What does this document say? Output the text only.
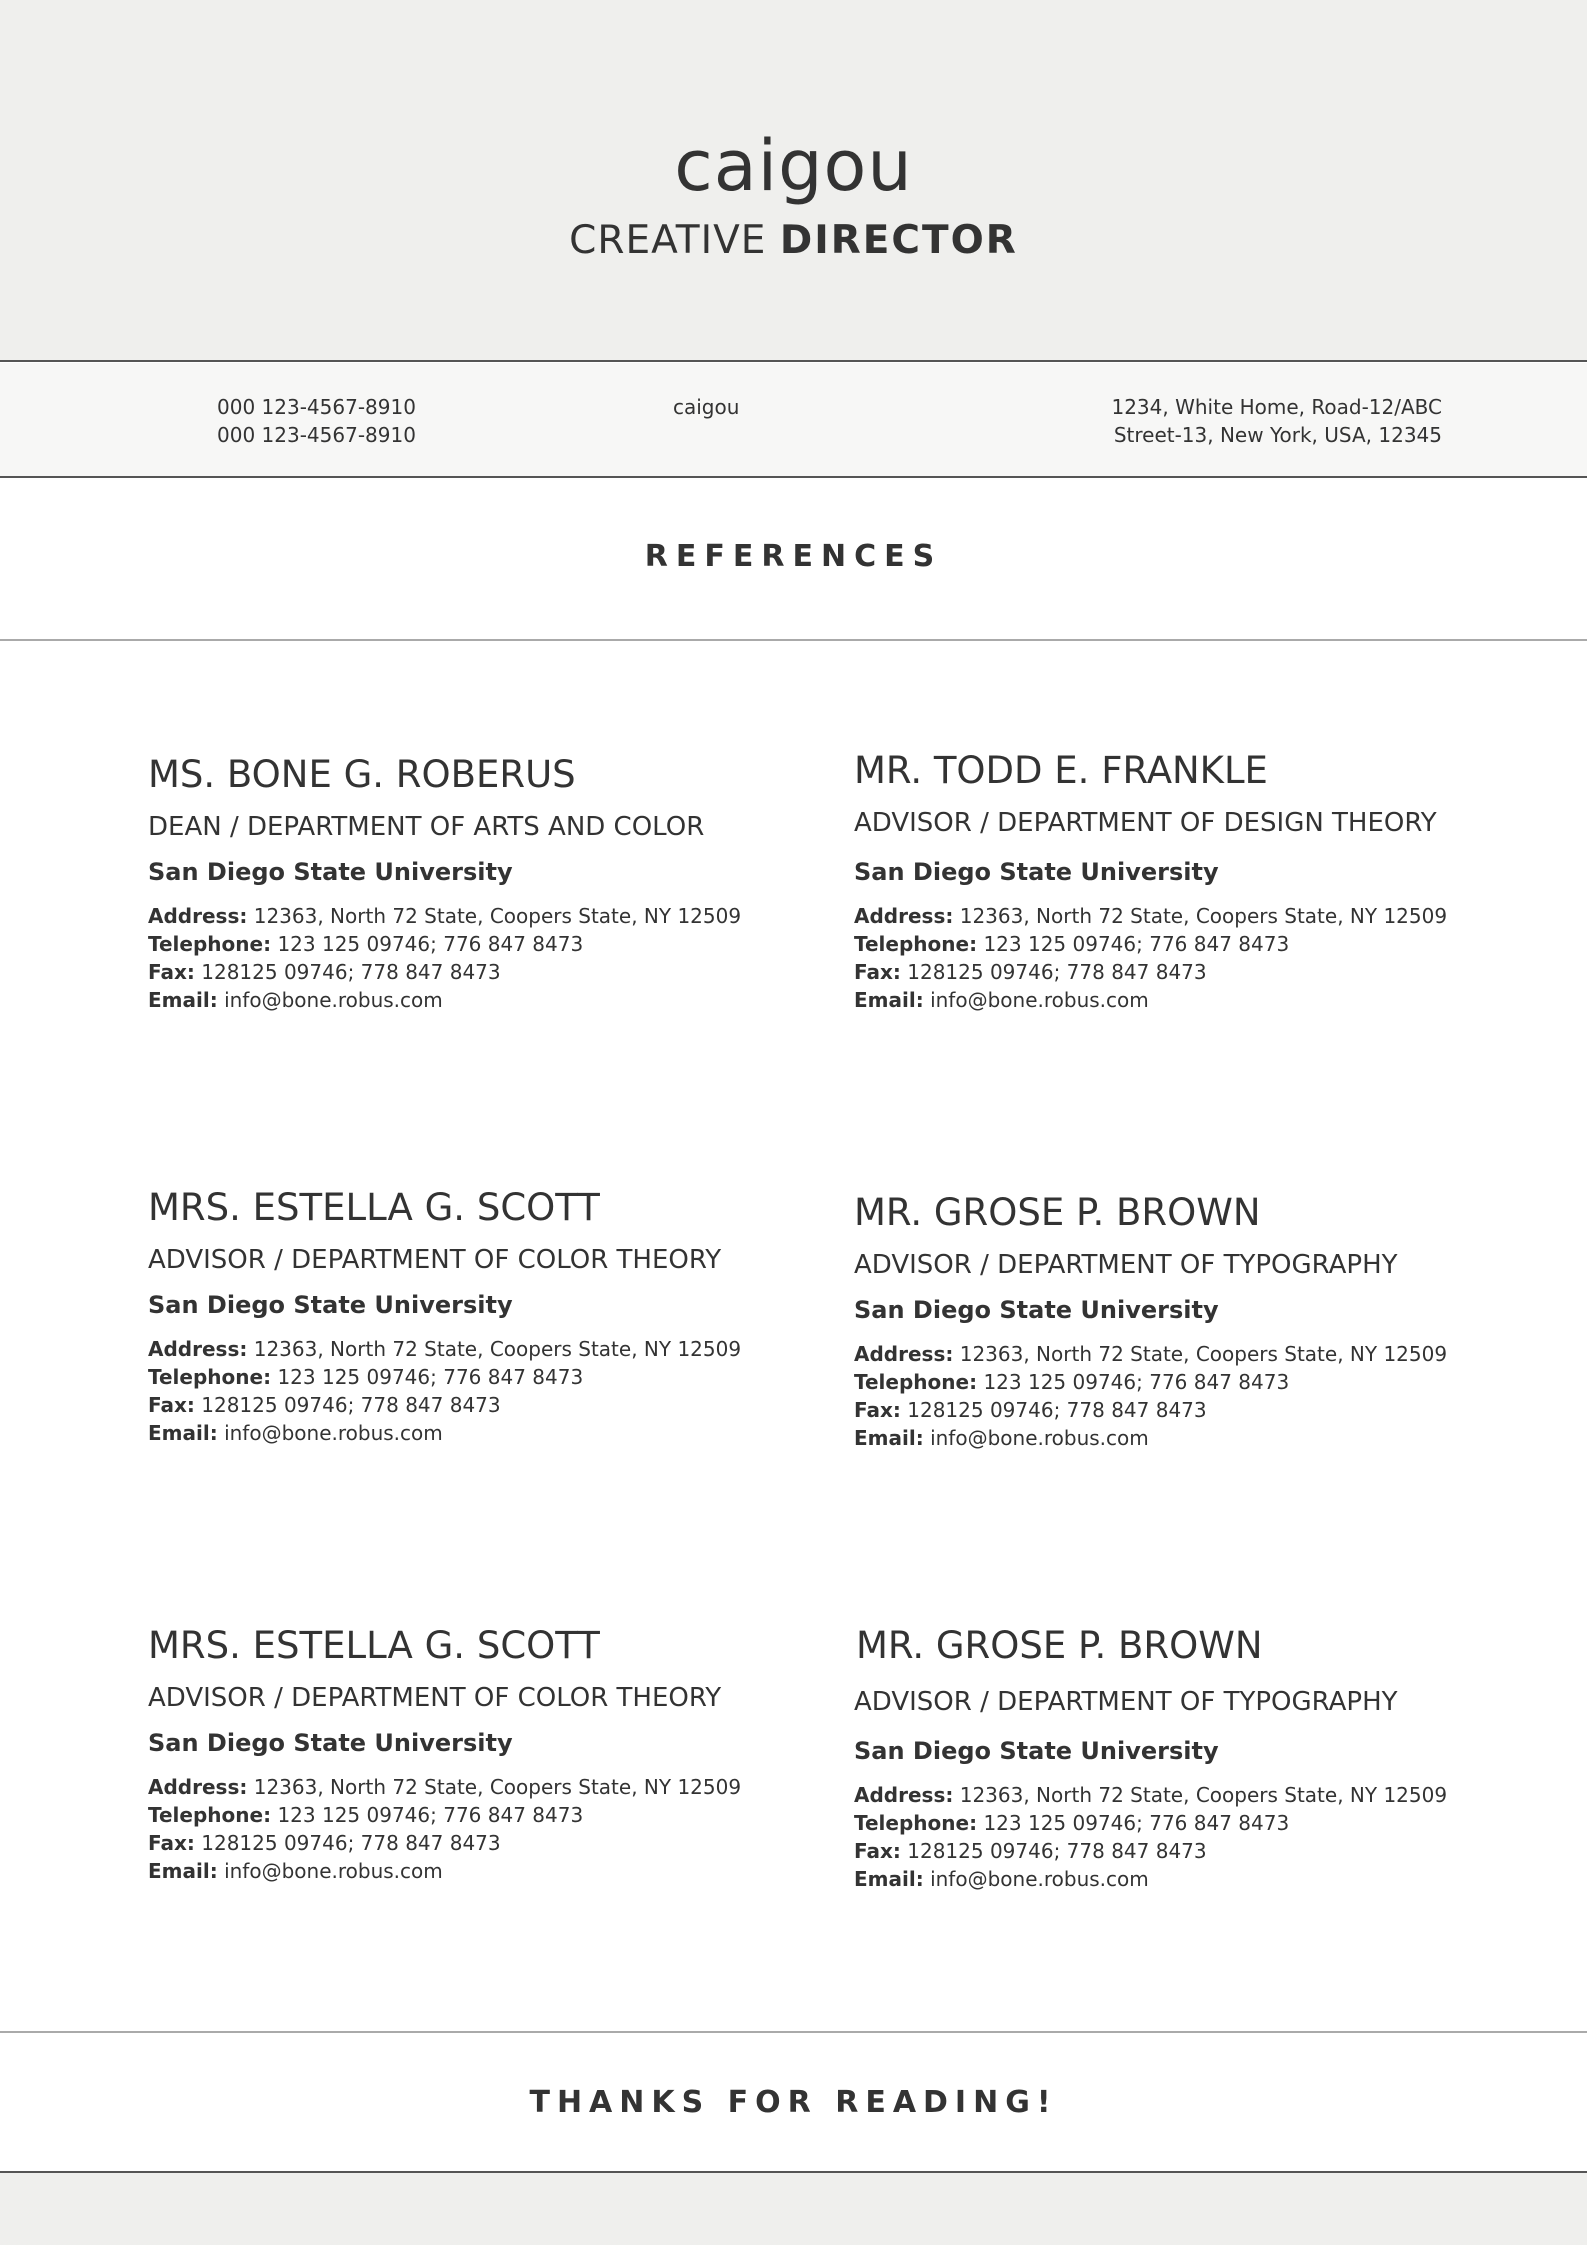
caigou
CREATIVE DIRECTOR
000 123-4567-8910
000 123-4567-8910
caigou	1234, White Home, Road-12/ABC
Street-13, New York, USA, 12345
REFERENCES
MS. BONE G. ROBERUS
DEAN / DEPARTMENT OF ARTS AND COLOR
San Diego State University
Address: 12363, North 72 State, Coopers State, NY 12509
Telephone: 123 125 09746; 776 847 8473
Fax: 128125 09746; 778 847 8473
Email: info@bone.robus.com
MR. TODD E. FRANKLE
ADVISOR / DEPARTMENT OF DESIGN THEORY
San Diego State University
Address: 12363, North 72 State, Coopers State, NY 12509
Telephone: 123 125 09746; 776 847 8473
Fax: 128125 09746; 778 847 8473
Email: info@bone.robus.com
MRS. ESTELLA G. SCOTT
ADVISOR / DEPARTMENT OF COLOR THEORY
San Diego State University
Address: 12363, North 72 State, Coopers State, NY 12509
Telephone: 123 125 09746; 776 847 8473
Fax: 128125 09746; 778 847 8473
Email: info@bone.robus.com
MR. GROSE P. BROWN
ADVISOR / DEPARTMENT OF TYPOGRAPHY
San Diego State University
Address: 12363, North 72 State, Coopers State, NY 12509
Telephone: 123 125 09746; 776 847 8473
Fax: 128125 09746; 778 847 8473
Email: info@bone.robus.com
MRS. ESTELLA G. SCOTT
ADVISOR / DEPARTMENT OF COLOR THEORY
San Diego State University
Address: 12363, North 72 State, Coopers State, NY 12509
Telephone: 123 125 09746; 776 847 8473
Fax: 128125 09746; 778 847 8473
Email: info@bone.robus.com
MR. GROSE P. BROWN
ADVISOR / DEPARTMENT OF TYPOGRAPHY
San Diego State University
Address: 12363, North 72 State, Coopers State, NY 12509
Telephone: 123 125 09746; 776 847 8473
Fax: 128125 09746; 778 847 8473
Email: info@bone.robus.com
THANKS FOR READING!
